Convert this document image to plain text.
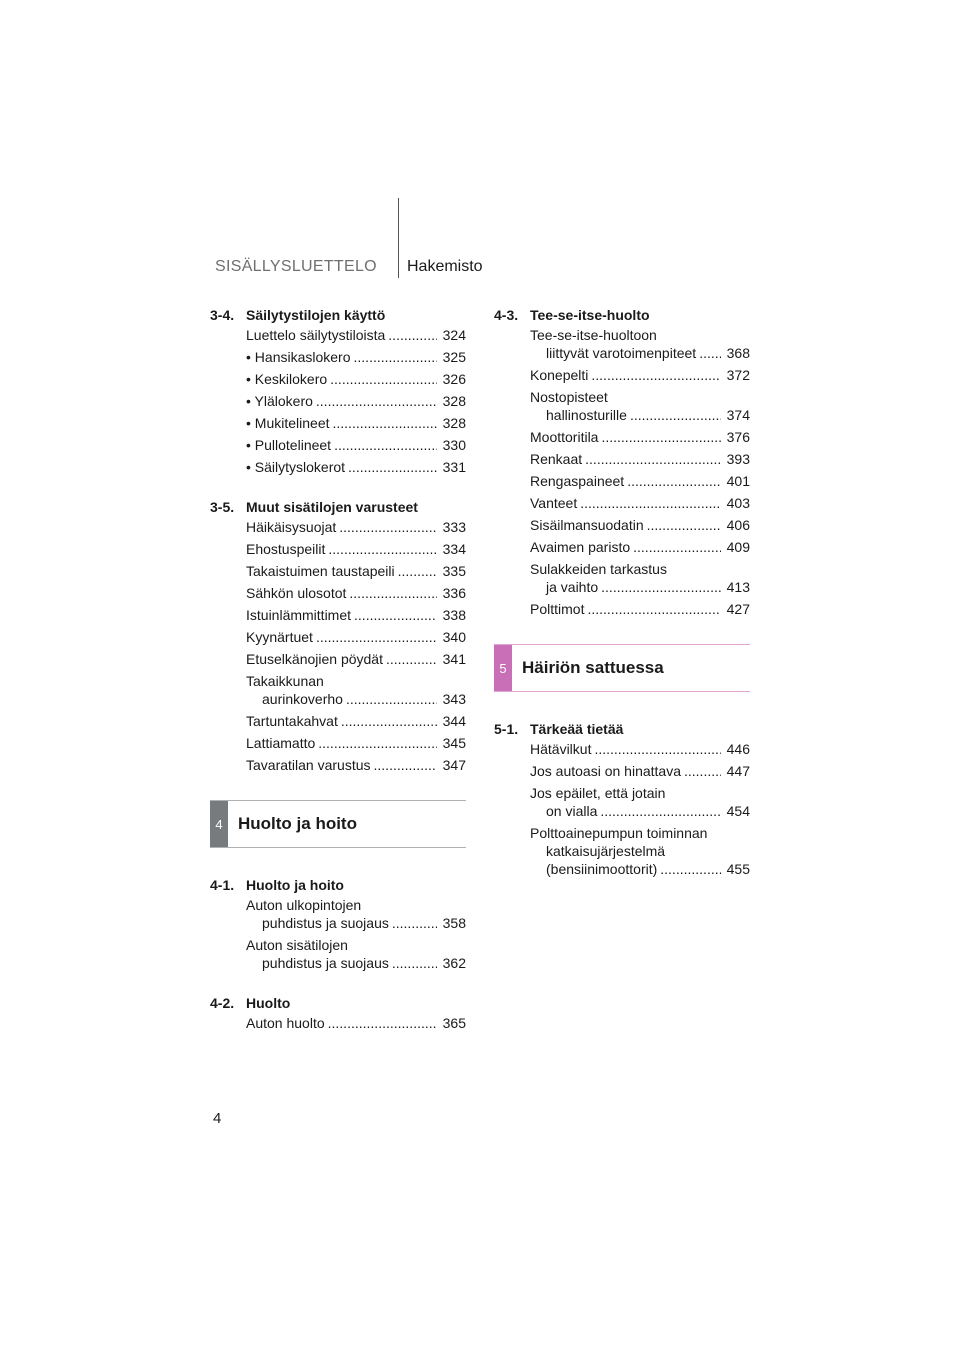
SISÄLLYSLUETTELO Hakemisto
3-4. Säilytystilojen käyttö
Luettelo säilytystiloista .....	324
• Hansikaslokero .....	325
• Keskilokero .....	326
• Ylälokero .....	328
• Mukitelineet .....	328
• Pullotelineet .....	330
• Säilytyslokerot .....	331
3-5. Muut sisätilojen varusteet
Häikäisysuojat .....	333
Ehostuspeilit .....	334
Takaistuimen taustapeili .....	335
Sähkön ulosotot .....	336
Istuinlämmittimet .....	338
Kyynärtuet .....	340
Etuselkänojien pöydät .....	341
Takaikkunan
aurinkoverho .....	343
Tartuntakahvat .....	344
Lattiamatto .....	345
Tavaratilan varustus .....	347
4 Huolto ja hoito
4-1. Huolto ja hoito
Auton ulkopintojen
puhdistus ja suojaus .....	358
Auton sisätilojen
puhdistus ja suojaus .....	362
4-2. Huolto
Auton huolto .....	365
4-3. Tee-se-itse-huolto
Tee-se-itse-huoltoon
liittyvät varotoimenpiteet ..... 368
Konepelti .....	372
Nostopisteet
hallinosturille .....	374
Moottoritila .....	376
Renkaat .....	393
Rengaspaineet .....	401
Vanteet .....	403
Sisäilmansuodatin .....	406
Avaimen paristo .....	409
Sulakkeiden tarkastus
ja vaihto .....	413
Polttimot .....	427
5 Häiriön sattuessa
5-1. Tärkeää tietää
Hätävilkut .....	446
Jos autoasi on hinattava .....	447
Jos epäilet, että jotain
on vialla .....	454
Polttoainepumpun toiminnan
katkaisujärjestelmä
(bensiinimoottorit) .....	455
4
